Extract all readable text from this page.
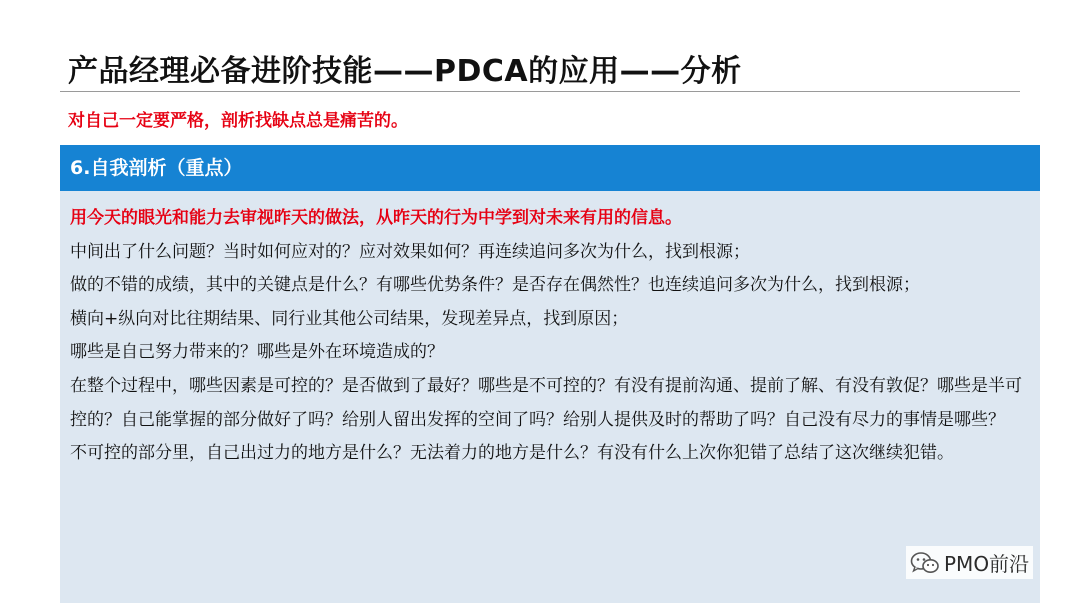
产品经理必备进阶技能——PDCA的应用——分析
对自己一定要严格，剖析找缺点总是痛苦的。
6.自我剖析（重点）

用今天的眼光和能力去审视昨天的做法，从昨天的行为中学到对未来有用的信息。

中间出了什么问题？当时如何应对的？应对效果如何？再连续追问多次为什么，找到根源；

做的不错的成绩，其中的关键点是什么？有哪些优势条件？是否存在偶然性？也连续追问多次为什么，找到根源；

横向+纵向对比往期结果、同行业其他公司结果，发现差异点，找到原因；

哪些是自己努力带来的？哪些是外在环境造成的？

在整个过程中，哪些因素是可控的？是否做到了最好？哪些是不可控的？有没有提前沟通、提前了解、有没有敦促？哪些是半可控的？自己能掌握的部分做好了吗？给别人留出发挥的空间了吗？给别人提供及时的帮助了吗？自己没有尽力的事情是哪些？

不可控的部分里，自己出过力的地方是什么？无法着力的地方是什么？有没有什么上次你犯错了总结了这次继续犯错。

PMO前沿
